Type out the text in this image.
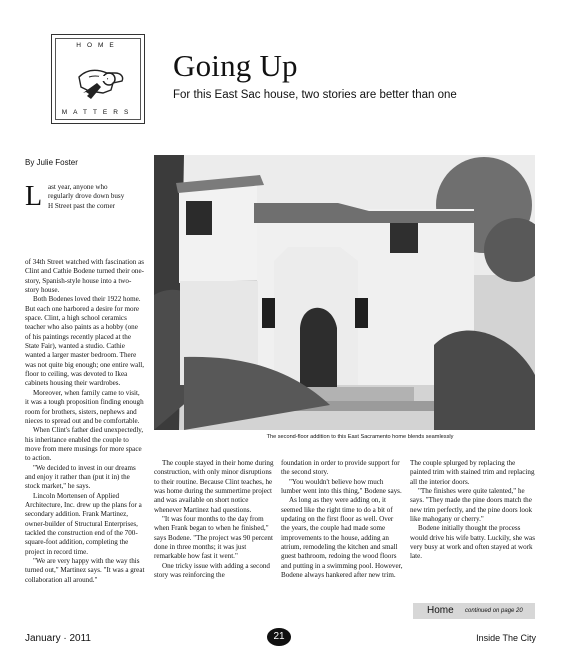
HOME
MATTERS
Going Up
For this East Sac house, two stories are better than one
By Julie Foster
The second-floor addition to this East Sacramento home blends seamlessly
L ast year, anyone who
regularly drove down busy
H Street past the corner

of 34th Street watched with fascination as Clint and Cathie Bodene turned their one-story, Spanish-style house into a two-story house.

Both Bodenes loved their 1922 home. But each one harbored a desire for more space. Clint, a high school ceramics teacher who also paints as a hobby (one of his paintings recently placed at the State Fair), wanted a studio. Cathie wanted a larger master bedroom. There was not quite big enough; one entire wall, floor to ceiling, was devoted to Ikea cabinets housing their wardrobes.

Moreover, when family came to visit, it was a tough proposition finding enough room for brothers, sisters, nephews and nieces to spread out and be comfortable.

When Clint's father died unexpectedly, his inheritance enabled the couple to move from mere musings for more space to action.

"We decided to invest in our dreams and enjoy it rather than (put it in) the stock market," he says.

Lincoln Mortensen of Applied Architecture, Inc. drew up the plans for a secondary addition. Frank Martinez, owner-builder of Structural Enterprises, tackled the construction end of the 700-square-foot addition, completing the project in record time.

"We are very happy with the way this turned out," Martinez says. "It was a great collaboration all around."

The couple stayed in their home during construction, with only minor disruptions to their routine. Because Clint teaches, he was home during the summertime project and was available on short notice whenever Martinez had questions.

"It was four months to the day from when Frank began to when he finished," says Bodene. "The project was 90 percent done in three months; it was just remarkable how fast it went."

One tricky issue with adding a second story was reinforcing the

foundation in order to provide support for the second story.

"You wouldn't believe how much lumber went into this thing," Bodene says.

As long as they were adding on, it seemed like the right time to do a bit of updating on the first floor as well. Over the years, the couple had made some improvements to the house, adding an atrium, remodeling the kitchen and small guest bathroom, redoing the wood floors and putting in a swimming pool. However, Bodene always hankered after new trim.

The couple splurged by replacing the painted trim with stained trim and replacing all the interior doors.

"The finishes were quite talented," he says. "They made the pine doors match the new trim perfectly, and the pine doors look like mahogany or cherry."

Bodene initially thought the process would drive his wife batty. Luckily, she was very busy at work and often stayed at work late.

Home continued on page 20
January · 2011	21	Inside The City
